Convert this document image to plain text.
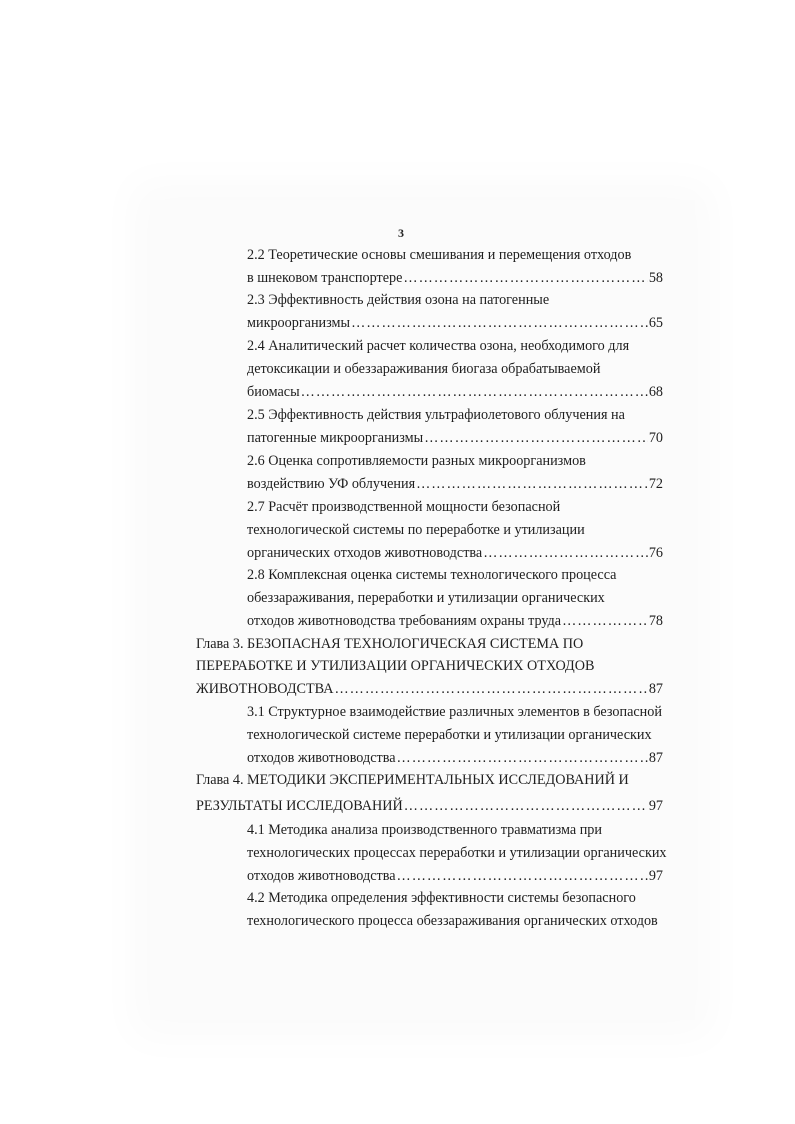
3
2.2 Теоретические основы смешивания и перемещения отходов
в шнековом транспортере ……………………………………………………………………………………………………………………………………	58
2.3 Эффективность действия озона на патогенные
микроорганизмы ……………………………………………………………………………………………………………………………………	65
2.4 Аналитический расчет количества озона, необходимого для
детоксикации и обеззараживания биогаза обрабатываемой
биомасы ……………………………………………………………………………………………………………………………………	68
2.5 Эффективность действия ультрафиолетового облучения на
патогенные микроорганизмы ……………………………………………………………………………………………………………………………………	70
2.6 Оценка сопротивляемости разных микроорганизмов
воздействию УФ облучения ……………………………………………………………………………………………………………………………………	72
2.7 Расчёт производственной мощности безопасной
технологической системы по переработке и утилизации
органических отходов животноводства ……………………………………………………………………………………………………………………………………	76
2.8 Комплексная оценка системы технологического процесса
обеззараживания, переработки и утилизации органических
отходов животноводства требованиям охраны труда ……………………………………………………………………………………………………………………………………	78
Глава 3. БЕЗОПАСНАЯ ТЕХНОЛОГИЧЕСКАЯ СИСТЕМА ПО
ПЕРЕРАБОТКЕ И УТИЛИЗАЦИИ ОРГАНИЧЕСКИХ ОТХОДОВ
ЖИВОТНОВОДСТВА ……………………………………………………………………………………………………………………………………	87
3.1 Структурное взаимодействие различных элементов в безопасной
технологической системе переработки и утилизации органических
отходов животноводства ……………………………………………………………………………………………………………………………………	87
Глава 4. МЕТОДИКИ ЭКСПЕРИМЕНТАЛЬНЫХ ИССЛЕДОВАНИЙ И
РЕЗУЛЬТАТЫ ИССЛЕДОВАНИЙ ……………………………………………………………………………………………………………………………………	97
4.1 Методика анализа производственного травматизма при
технологических процессах переработки и утилизации органических
отходов животноводства ……………………………………………………………………………………………………………………………………	97
4.2 Методика определения эффективности системы безопасного
технологического процесса обеззараживания органических отходов
